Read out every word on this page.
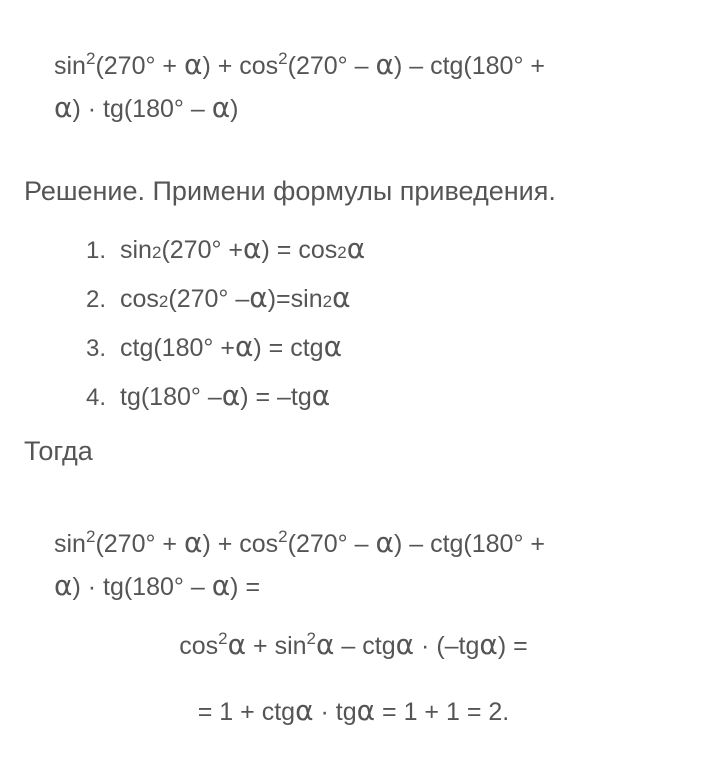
$\sin^2(270^\circ + \alpha) + \cos^2(270^\circ - \alpha) - ctg(180^\circ$ +
α) · tg(180° – α)
Решение. Примени формулы приведения.
1. sin 2 (270° + α ) = cos 2 α
2. cos 2 (270° – α )=sin 2 α
3. ctg(180° + α ) = ctg α
4. tg(180° – α ) = –tg α
Тогда
$\sin^2(270^\circ + \alpha) + \cos^2(270^\circ - \alpha) - ctg(180^\circ$ +
α) · tg(180° – α) =
$\cos^2\alpha + \sin^2\alpha - ctg\alpha \cdot (-tg\alpha)$ =
= 1 + ctgα · tgα = 1 + 1 = 2.
